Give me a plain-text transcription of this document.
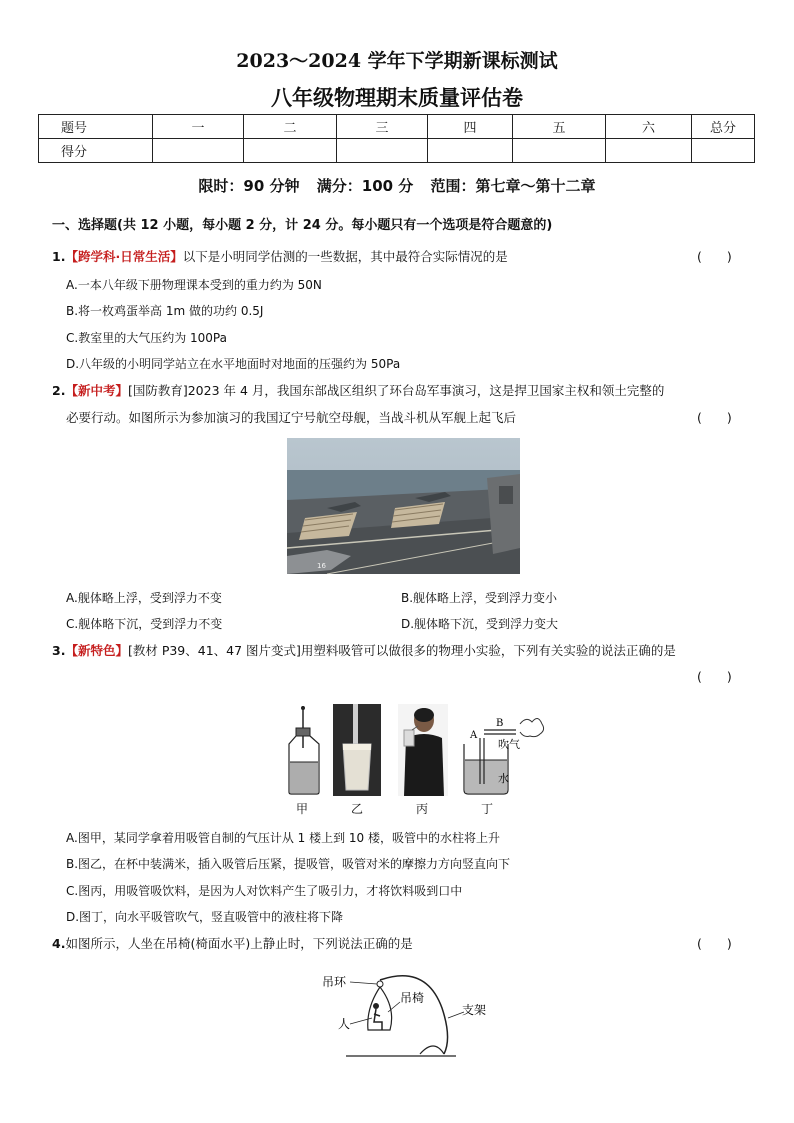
2023～2024 学年下学期新课标测试
八年级物理期末质量评估卷
题号	一	二	三	四	五	六	总分
得分							
限时：90 分钟 满分：100 分 范围：第七章～第十二章
一、选择题(共 12 小题，每小题 2 分，计 24 分。每小题只有一个选项是符合题意的)
1.【跨学科·日常生活】以下是小明同学估测的一些数据，其中最符合实际情况的是	(　　)
A.一本八年级下册物理课本受到的重力约为 50N
B.将一枚鸡蛋举高 1m 做的功约 0.5J
C.教室里的大气压约为 100Pa
D.八年级的小明同学站立在水平地面时对地面的压强约为 50Pa
2.【新中考】[国防教育]2023 年 4 月，我国东部战区组织了环台岛军事演习，这是捍卫国家主权和领土完整的
必要行动。如图所示为参加演习的我国辽宁号航空母舰，当战斗机从军舰上起飞后	(　　)
16
A.舰体略上浮，受到浮力不变	B.舰体略上浮，受到浮力变小
C.舰体略下沉，受到浮力不变	D.舰体略下沉，受到浮力变大
3.【新特色】[教材 P39、41、47 图片变式]用塑料吸管可以做很多的物理小实验，下列有关实验的说法正确的是
(　　)
甲	乙	丙
A
B
吹气
水
丁
A.图甲，某同学拿着用吸管自制的气压计从 1 楼上到 10 楼，吸管中的水柱将上升
B.图乙，在杯中装满米，插入吸管后压紧，提吸管，吸管对米的摩擦力方向竖直向下
C.图丙，用吸管吸饮料，是因为人对饮料产生了吸引力，才将饮料吸到口中
D.图丁，向水平吸管吹气，竖直吸管中的液柱将下降
4.如图所示，人坐在吊椅(椅面水平)上静止时，下列说法正确的是	(　　)
吊环
吊椅
人
支架
